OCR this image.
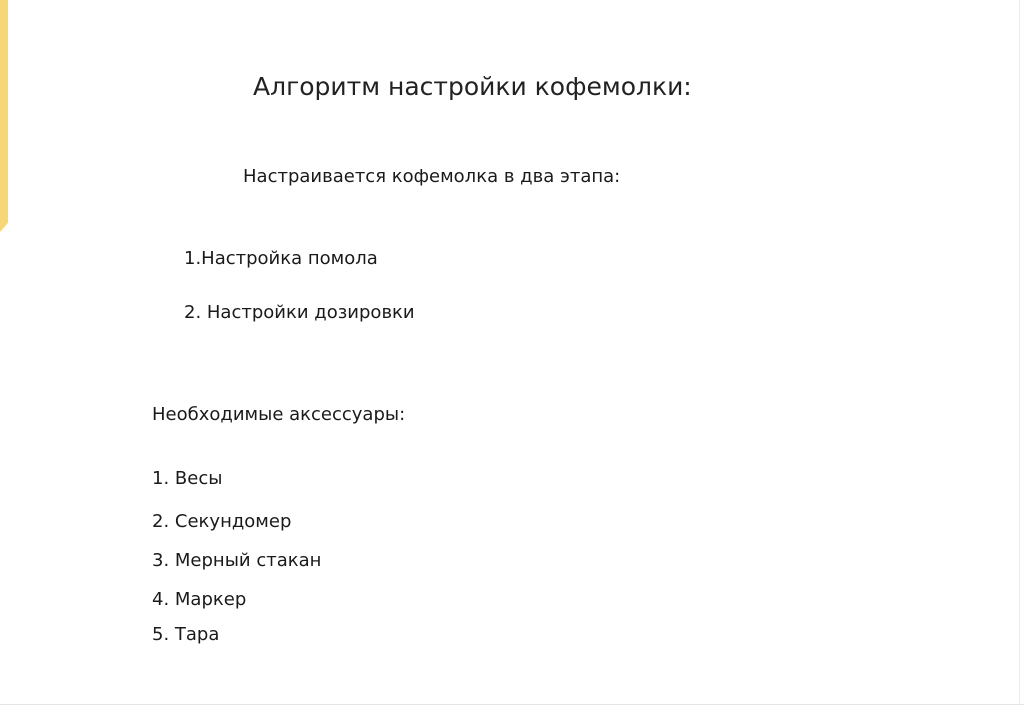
Алгоритм настройки кофемолки:
Настраивается кофемолка в два этапа:
1.Настройка помола
2. Настройки дозировки
Необходимые аксессуары:
1. Весы
2. Секундомер
3. Мерный стакан
4. Маркер
5. Тара
